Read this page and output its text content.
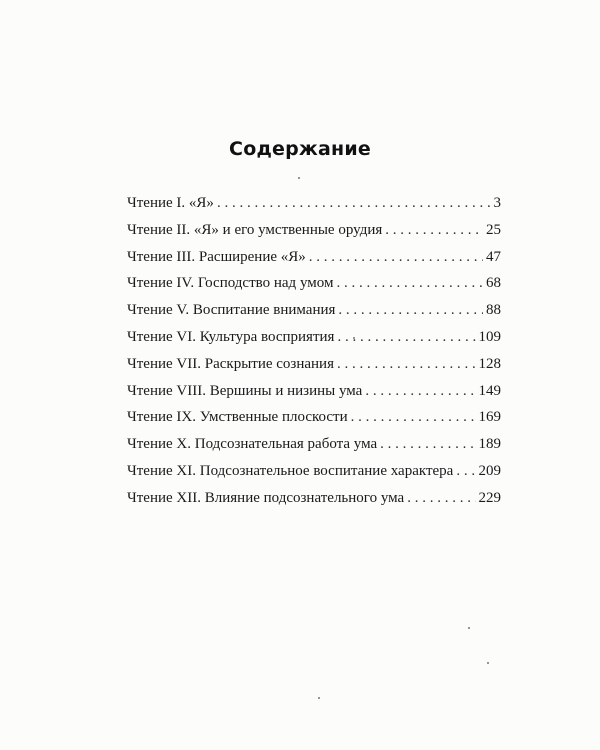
Содержание
Чтение I. «Я» . . .	3
Чтение II. «Я» и его умственные орудия . . .	25
Чтение III. Расширение «Я» . . .	47
Чтение IV. Господство над умом . . .	68
Чтение V. Воспитание внимания . . .	88
Чтение VI. Культура восприятия . . .	109
Чтение VII. Раскрытие сознания . . .	128
Чтение VIII. Вершины и низины ума . . .	149
Чтение IX. Умственные плоскости . . .	169
Чтение X. Подсознательная работа ума . . .	189
Чтение XI. Подсознательное воспитание характера . . . 209
Чтение XII. Влияние подсознательного ума . . .	229
